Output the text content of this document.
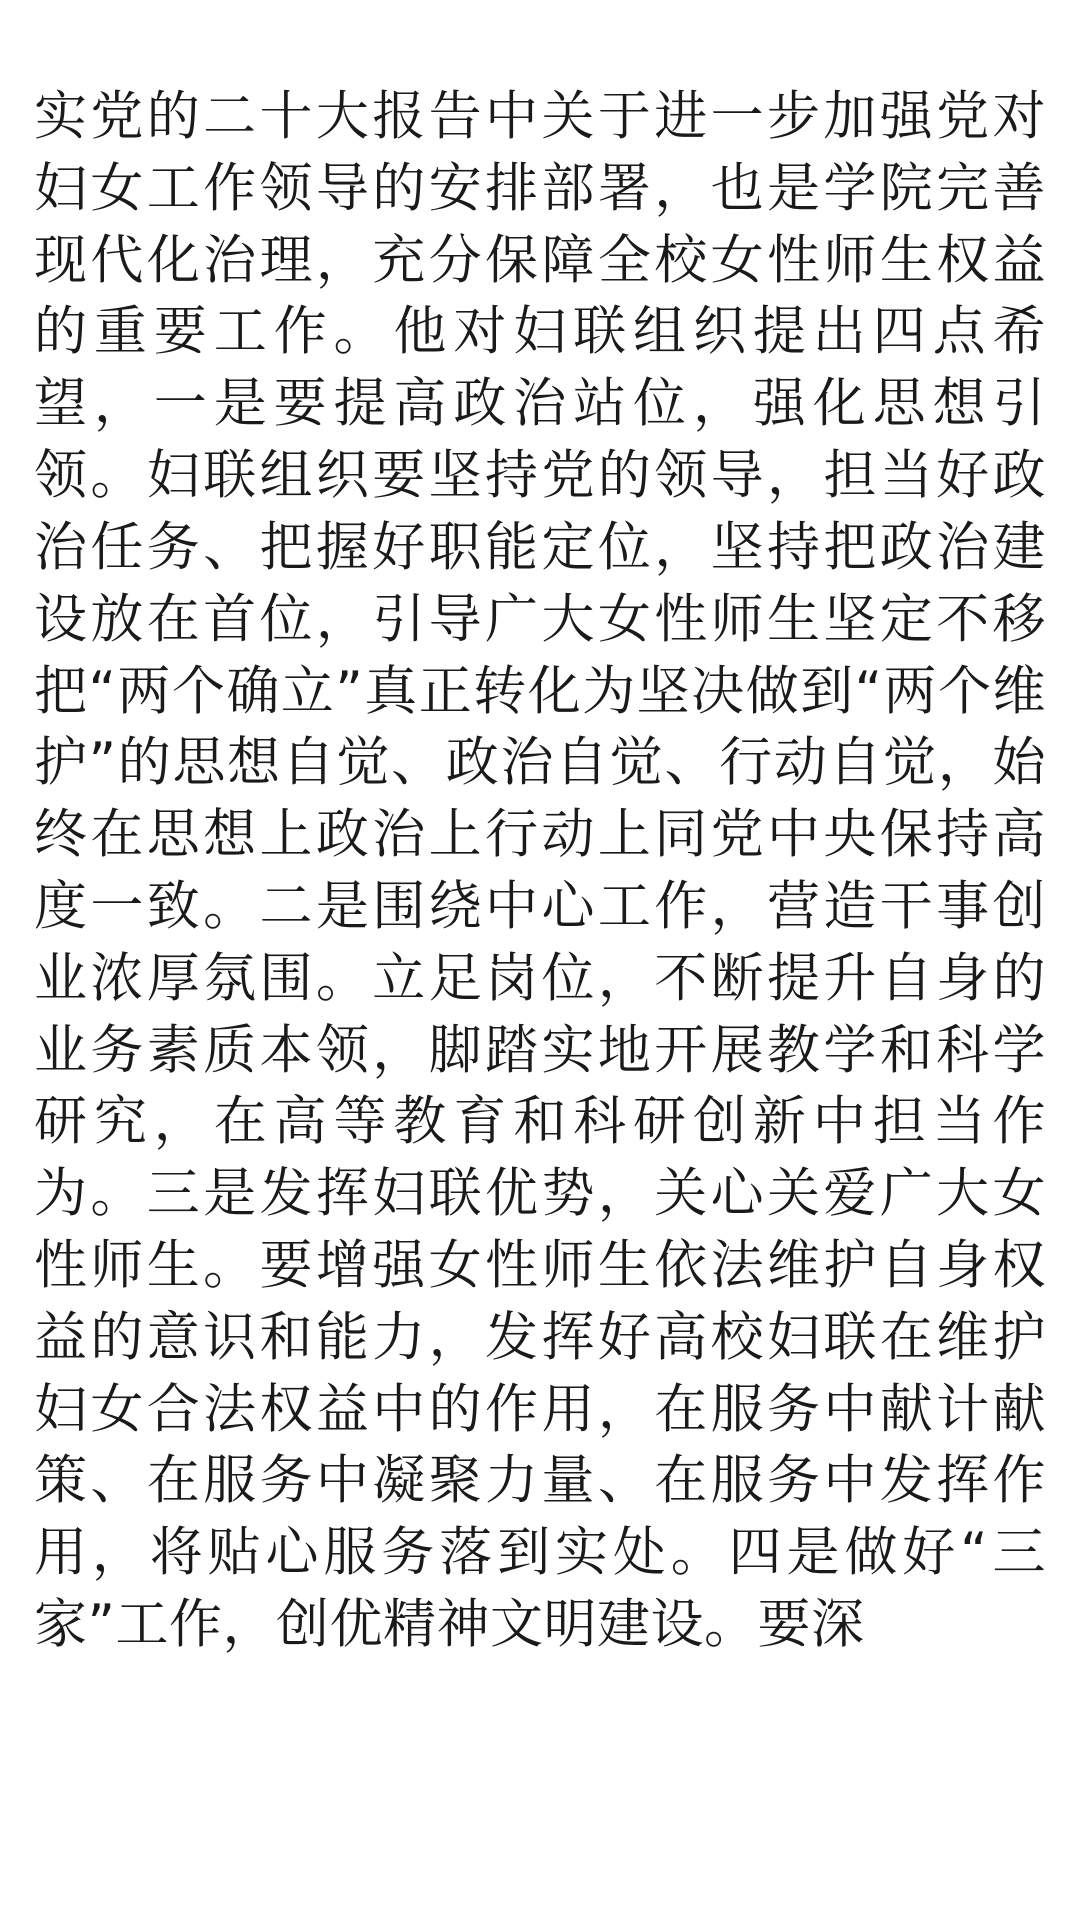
实党的二十大报告中关于进一步加强党对妇女工作领导的安排部署，也是学院完善现代化治理，充分保障全校女性师生权益的重要工作。他对妇联组织提出四点希望，一是要提高政治站位，强化思想引领。妇联组织要坚持党的领导，担当好政治任务、把握好职能定位，坚持把政治建设放在首位，引导广大女性师生坚定不移把“两个确立”真正转化为坚决做到“两个维护”的思想自觉、政治自觉、行动自觉，始终在思想上政治上行动上同党中央保持高度一致。二是围绕中心工作，营造干事创业浓厚氛围。立足岗位，不断提升自身的业务素质本领，脚踏实地开展教学和科学研究，在高等教育和科研创新中担当作为。三是发挥妇联优势，关心关爱广大女性师生。要增强女性师生依法维护自身权益的意识和能力，发挥好高校妇联在维护妇女合法权益中的作用，在服务中献计献策、在服务中凝聚力量、在服务中发挥作用，将贴心服务落到实处。四是做好“三家”工作，创优精神文明建设。要深
